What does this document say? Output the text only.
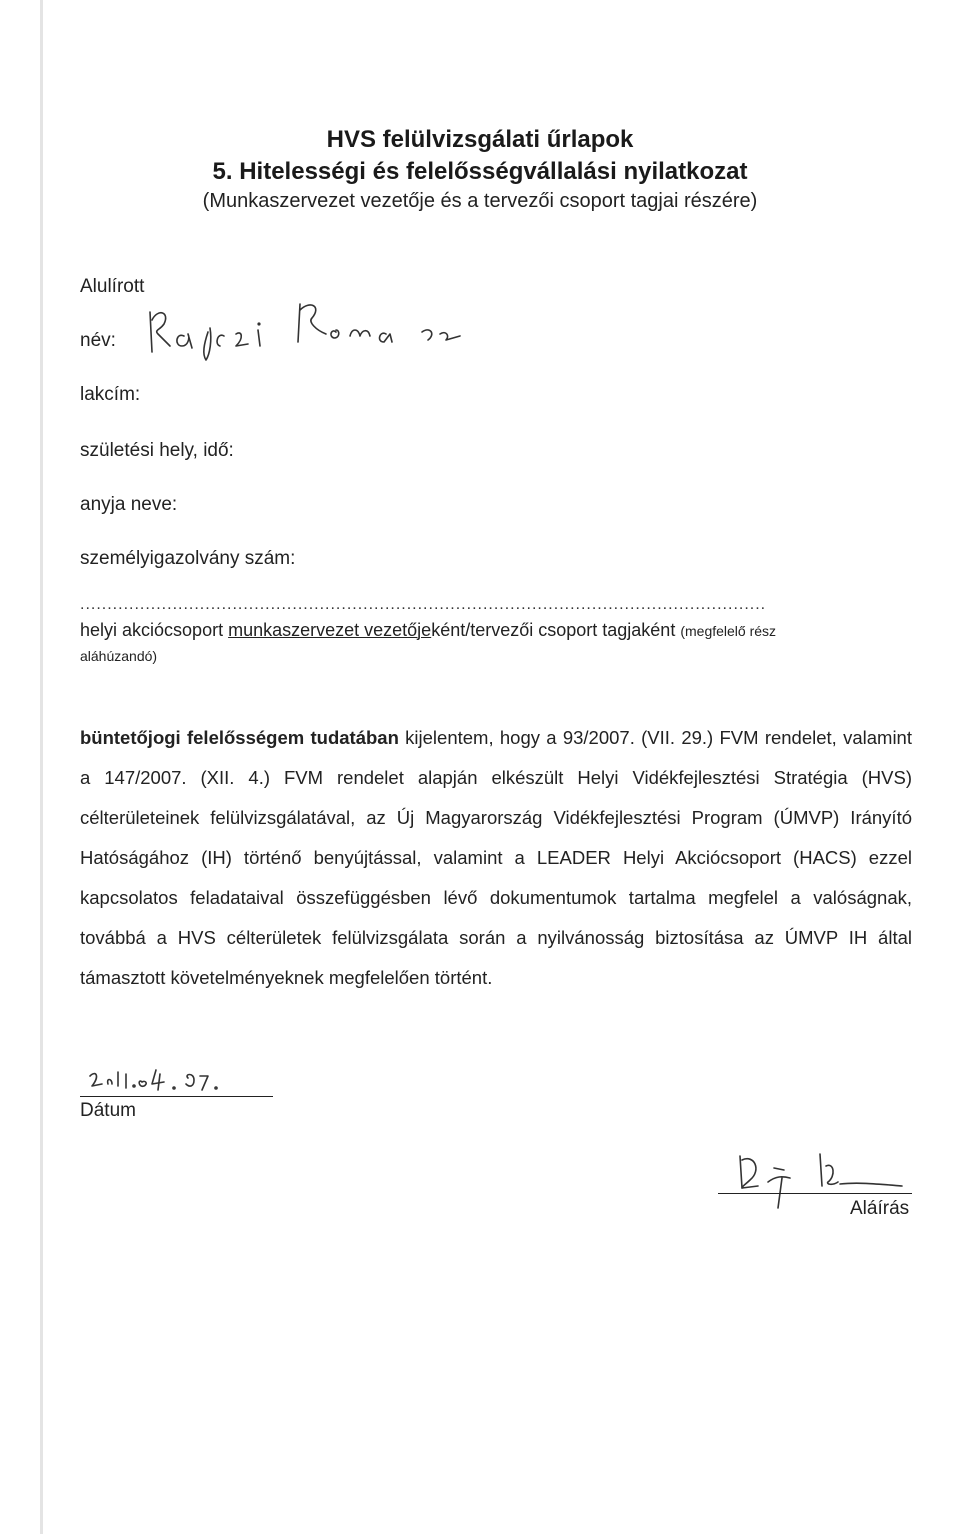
HVS felülvizsgálati űrlapok
5. Hitelességi és felelősségvállalási nyilatkozat
(Munkaszervezet vezetője és a tervezői csoport tagjai részére)
Alulírott
név:
lakcím:
születési hely, idő:
anyja neve:
személyigazolvány szám:
..............................................................................................................................
helyi akciócsoport munkaszervezet vezetőjeként/tervezői csoport tagjaként (megfelelő rész
aláhúzandó)
büntetőjogi felelősségem tudatában kijelentem, hogy a 93/2007. (VII. 29.) FVM rendelet, valamint a 147/2007. (XII. 4.) FVM rendelet alapján elkészült Helyi Vidékfejlesztési Stratégia (HVS) célterületeinek felülvizsgálatával, az Új Magyarország Vidékfejlesztési Program (ÚMVP) Irányító Hatóságához (IH) történő benyújtással, valamint a LEADER Helyi Akciócsoport (HACS) ezzel kapcsolatos feladataival összefüggésben lévő dokumentumok tartalma megfelel a valóságnak, továbbá a HVS célterületek felülvizsgálata során a nyilvánosság biztosítása az ÚMVP IH által támasztott követelményeknek megfelelően történt.
Dátum
Aláírás
